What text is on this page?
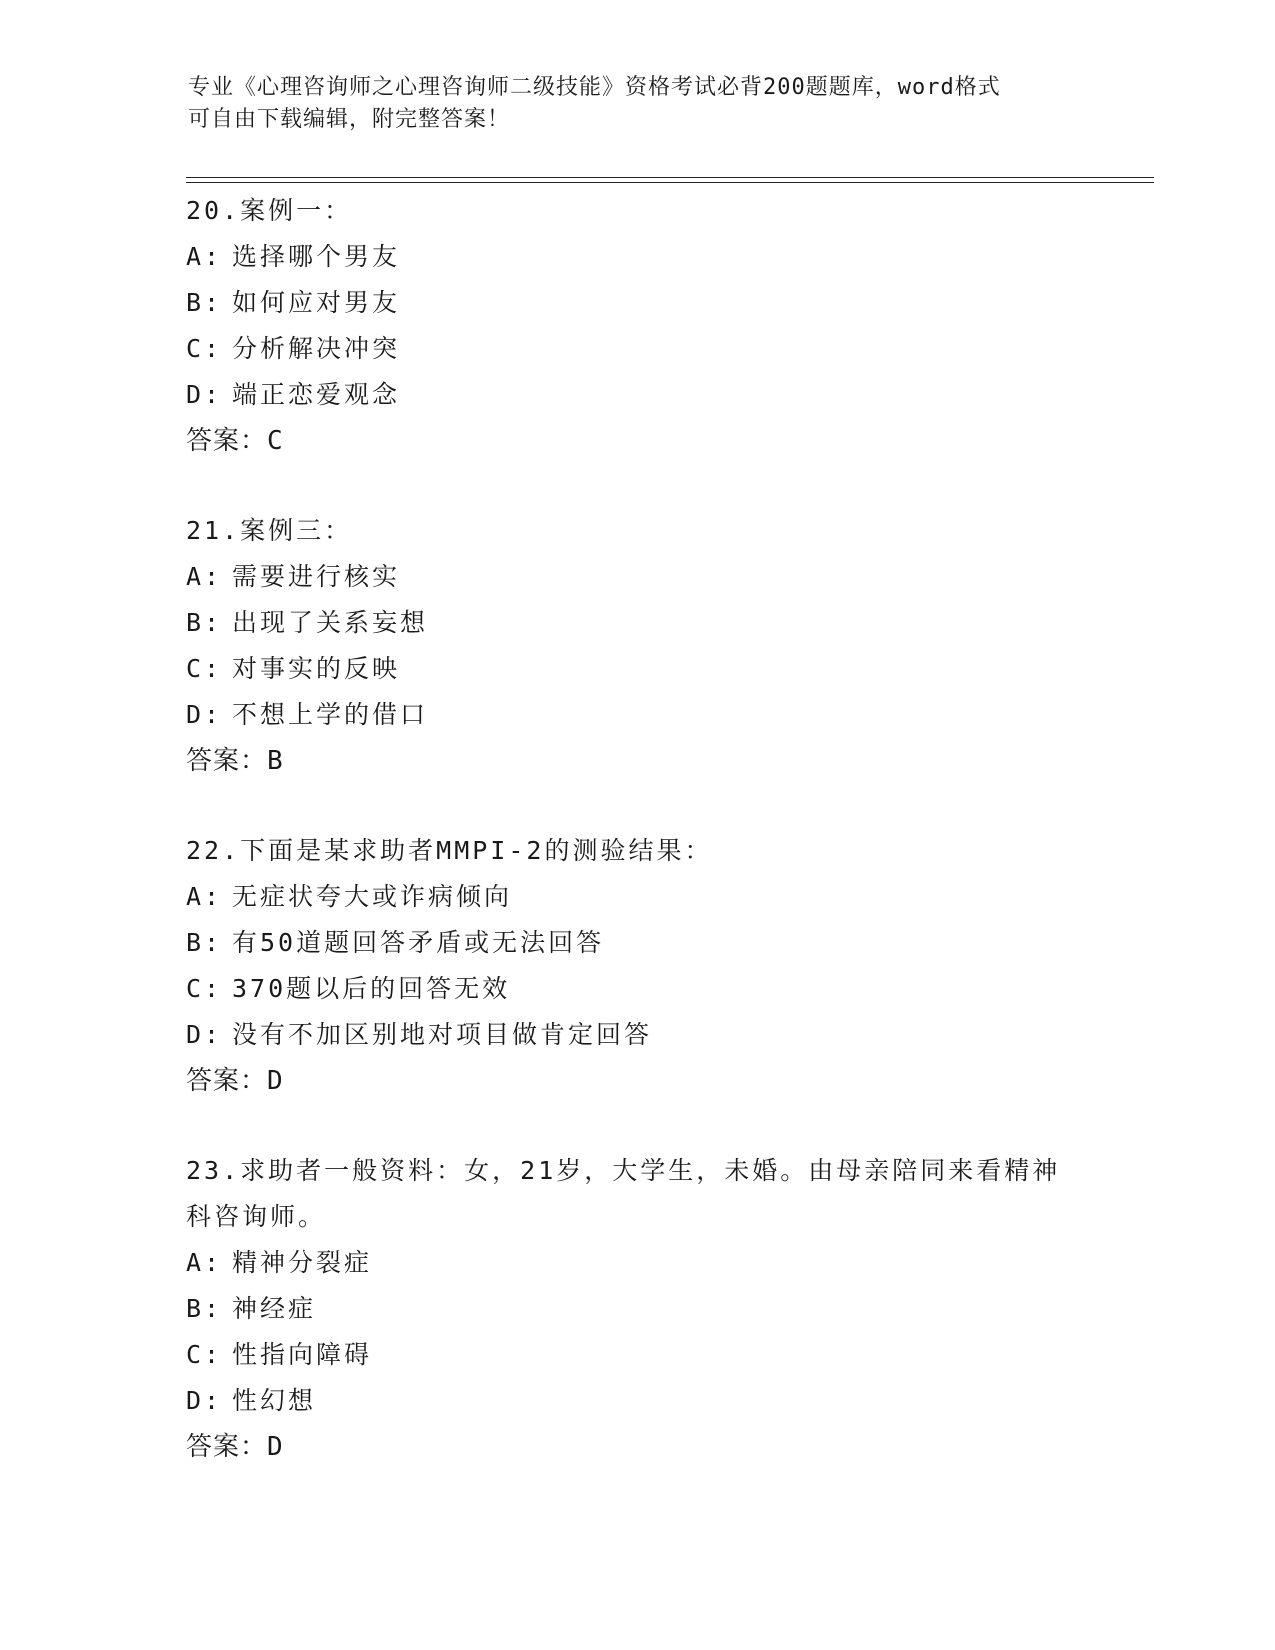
专业《心理咨询师之心理咨询师二级技能》资格考试必背200题题库，word格式
可自由下载编辑，附完整答案！
20.案例一：
A: 选择哪个男友
B: 如何应对男友
C: 分析解决冲突
D: 端正恋爱观念
答案：C
21.案例三：
A: 需要进行核实
B: 出现了关系妄想
C: 对事实的反映
D: 不想上学的借口
答案：B
22.下面是某求助者MMPI-2的测验结果：
A: 无症状夸大或诈病倾向
B: 有50道题回答矛盾或无法回答
C: 370题以后的回答无效
D: 没有不加区别地对项目做肯定回答
答案：D
23.求助者一般资料：女，21岁，大学生，未婚。由母亲陪同来看精神
科咨询师。
A: 精神分裂症
B: 神经症
C: 性指向障碍
D: 性幻想
答案：D
